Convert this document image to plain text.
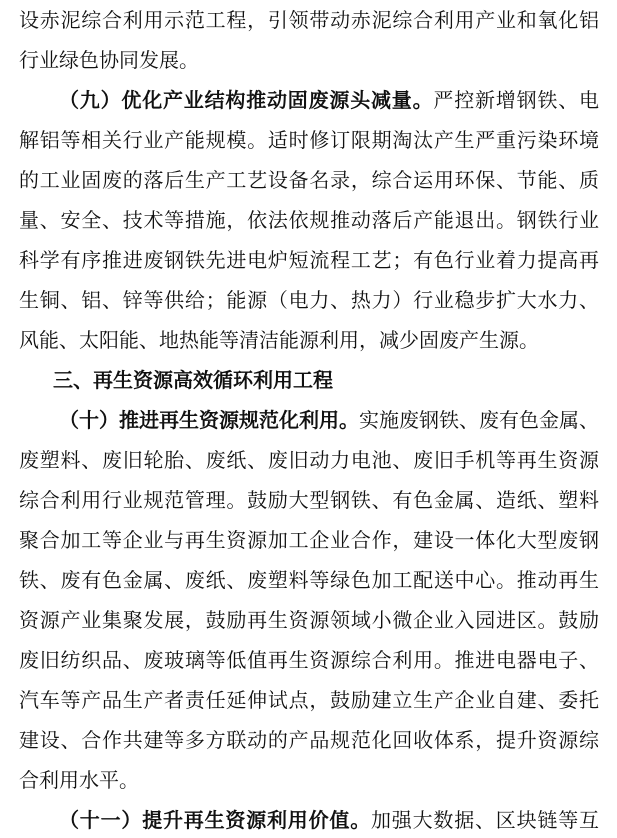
设赤泥综合利用示范工程，引领带动赤泥综合利用产业和氧化铝
行业绿色协同发展。
（九）优化产业结构推动固废源头减量。严控新增钢铁、电
解铝等相关行业产能规模。适时修订限期淘汰产生严重污染环境
的工业固废的落后生产工艺设备名录，综合运用环保、节能、质
量、安全、技术等措施，依法依规推动落后产能退出。钢铁行业
科学有序推进废钢铁先进电炉短流程工艺；有色行业着力提高再
生铜、铝、锌等供给；能源（电力、热力）行业稳步扩大水力、
风能、太阳能、地热能等清洁能源利用，减少固废产生源。
三、再生资源高效循环利用工程
（十）推进再生资源规范化利用。实施废钢铁、废有色金属、
废塑料、废旧轮胎、废纸、废旧动力电池、废旧手机等再生资源
综合利用行业规范管理。鼓励大型钢铁、有色金属、造纸、塑料
聚合加工等企业与再生资源加工企业合作，建设一体化大型废钢
铁、废有色金属、废纸、废塑料等绿色加工配送中心。推动再生
资源产业集聚发展，鼓励再生资源领域小微企业入园进区。鼓励
废旧纺织品、废玻璃等低值再生资源综合利用。推进电器电子、
汽车等产品生产者责任延伸试点，鼓励建立生产企业自建、委托
建设、合作共建等多方联动的产品规范化回收体系，提升资源综
合利用水平。
（十一）提升再生资源利用价值。加强大数据、区块链等互
